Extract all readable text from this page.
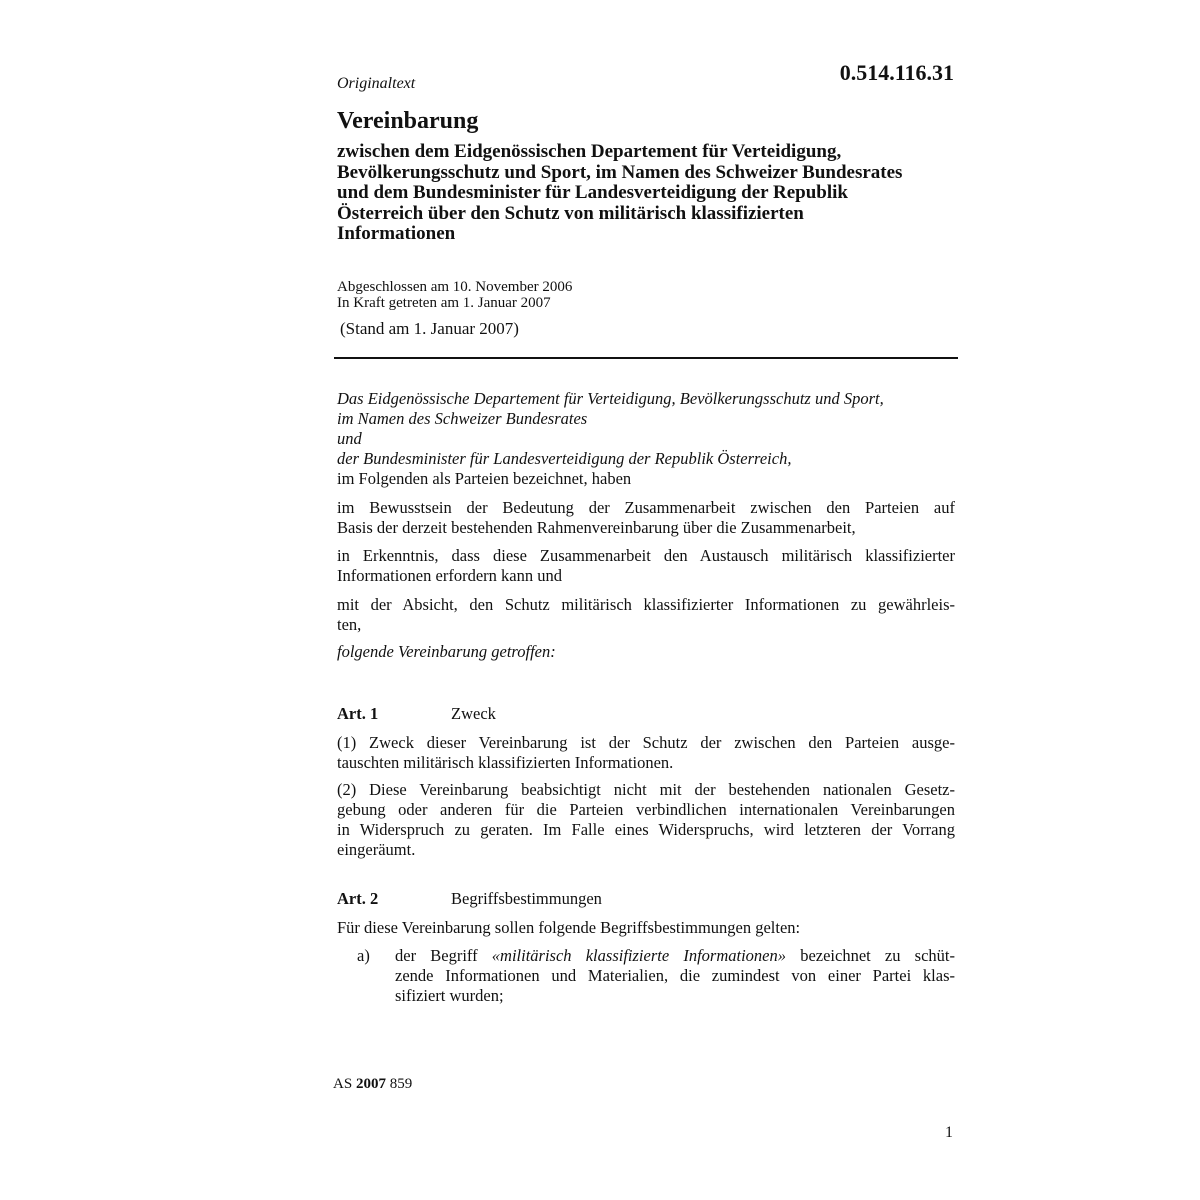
Originaltext	0.514.116.31
Vereinbarung
zwischen dem Eidgenössischen Departement für Verteidigung,
Bevölkerungsschutz und Sport, im Namen des Schweizer Bundesrates
und dem Bundesminister für Landesverteidigung der Republik
Österreich über den Schutz von militärisch klassifizierten
Informationen
Abgeschlossen am 10. November 2006
In Kraft getreten am 1. Januar 2007
(Stand am 1. Januar 2007)
Das Eidgenössische Departement für Verteidigung, Bevölkerungsschutz und Sport,
im Namen des Schweizer Bundesrates
und
der Bundesminister für Landesverteidigung der Republik Österreich,
im Folgenden als Parteien bezeichnet, haben
im Bewusstsein der Bedeutung der Zusammenarbeit zwischen den Parteien auf
Basis der derzeit bestehenden Rahmenvereinbarung über die Zusammenarbeit,
in Erkenntnis, dass diese Zusammenarbeit den Austausch militärisch klassifizierter
Informationen erfordern kann und
mit der Absicht, den Schutz militärisch klassifizierter Informationen zu gewährleis-
ten,
folgende Vereinbarung getroffen:
Art. 1	Zweck
(1) Zweck dieser Vereinbarung ist der Schutz der zwischen den Parteien ausge-
tauschten militärisch klassifizierten Informationen.
(2) Diese Vereinbarung beabsichtigt nicht mit der bestehenden nationalen Gesetz-
gebung oder anderen für die Parteien verbindlichen internationalen Vereinbarungen
in Widerspruch zu geraten. Im Falle eines Widerspruchs, wird letzteren der Vorrang
eingeräumt.
Art. 2	Begriffsbestimmungen
Für diese Vereinbarung sollen folgende Begriffsbestimmungen gelten:
a) der Begriff «militärisch klassifizierte Informationen» bezeichnet zu schüt-
zende Informationen und Materialien, die zumindest von einer Partei klas-
sifiziert wurden;
AS 2007 859
1
